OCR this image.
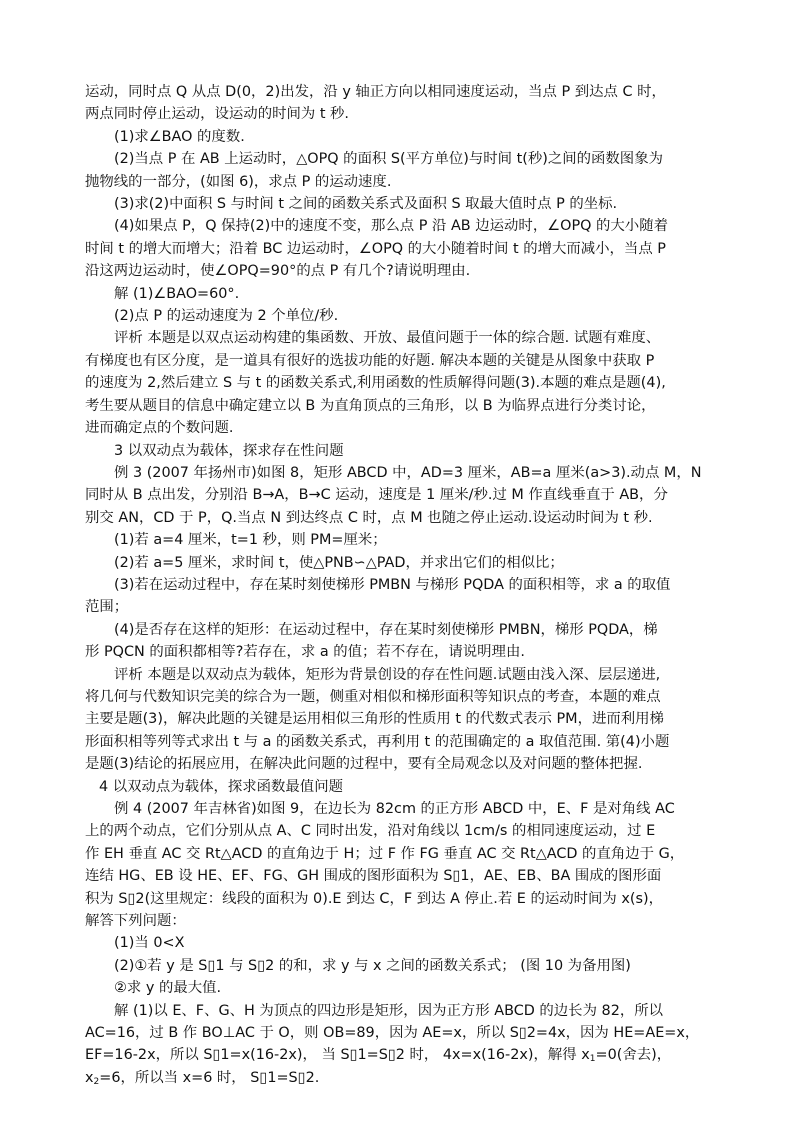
运动，同时点 Q 从点 D(0，2)出发，沿 y 轴正方向以相同速度运动，当点 P 到达点 C 时，

两点同时停止运动，设运动的时间为 t 秒.

(1)求∠BAO 的度数.

(2)当点 P 在 AB 上运动时，△OPQ 的面积 S(平方单位)与时间 t(秒)之间的函数图象为

抛物线的一部分，(如图 6)，求点 P 的运动速度.

(3)求(2)中面积 S 与时间 t 之间的函数关系式及面积 S 取最大值时点 P 的坐标.

(4)如果点 P，Q 保持(2)中的速度不变，那么点 P 沿 AB 边运动时，∠OPQ 的大小随着

时间 t 的增大而增大；沿着 BC 边运动时，∠OPQ 的大小随着时间 t 的增大而减小，当点 P

沿这两边运动时，使∠OPQ=90°的点 P 有几个?请说明理由.

解 (1)∠BAO=60°.

(2)点 P 的运动速度为 2 个单位/秒.

评析 本题是以双点运动构建的集函数、开放、最值问题于一体的综合题. 试题有难度、

有梯度也有区分度，是一道具有很好的选拔功能的好题. 解决本题的关键是从图象中获取 P

的速度为 2,然后建立 S 与 t 的函数关系式,利用函数的性质解得问题(3).本题的难点是题(4),

考生要从题目的信息中确定建立以 B 为直角顶点的三角形，以 B 为临界点进行分类讨论，

进而确定点的个数问题.

3 以双动点为载体，探求存在性问题

例 3 (2007 年扬州市)如图 8，矩形 ABCD 中，AD=3 厘米，AB=a 厘米(a>3).动点 M，N

同时从 B 点出发，分别沿 B→A，B→C 运动，速度是 1 厘米/秒.过 M 作直线垂直于 AB，分

别交 AN，CD 于 P，Q.当点 N 到达终点 C 时，点 M 也随之停止运动.设运动时间为 t 秒.

(1)若 a=4 厘米，t=1 秒，则 PM=厘米；

(2)若 a=5 厘米，求时间 t，使△PNB∽△PAD，并求出它们的相似比；

(3)若在运动过程中，存在某时刻使梯形 PMBN 与梯形 PQDA 的面积相等，求 a 的取值

范围；

(4)是否存在这样的矩形：在运动过程中，存在某时刻使梯形 PMBN，梯形 PQDA，梯

形 PQCN 的面积都相等?若存在，求 a 的值；若不存在，请说明理由.

评析 本题是以双动点为载体，矩形为背景创设的存在性问题.试题由浅入深、层层递进,

将几何与代数知识完美的综合为一题，侧重对相似和梯形面积等知识点的考查，本题的难点

主要是题(3)，解决此题的关键是运用相似三角形的性质用 t 的代数式表示 PM，进而利用梯

形面积相等列等式求出 t 与 a 的函数关系式，再利用 t 的范围确定的 a 取值范围. 第(4)小题

是题(3)结论的拓展应用，在解决此问题的过程中，要有全局观念以及对问题的整体把握.

4 以双动点为载体，探求函数最值问题

例 4 (2007 年吉林省)如图 9，在边长为 82cm 的正方形 ABCD 中，E、F 是对角线 AC

上的两个动点，它们分别从点 A、C 同时出发，沿对角线以 1cm/s 的相同速度运动，过 E

作 EH 垂直 AC 交 Rt△ACD 的直角边于 H；过 F 作 FG 垂直 AC 交 Rt△ACD 的直角边于 G，

连结 HG、EB 设 HE、EF、FG、GH 围成的图形面积为 S▯1，AE、EB、BA 围成的图形面

积为 S▯2(这里规定：线段的面积为 0).E 到达 C，F 到达 A 停止.若 E 的运动时间为 x(s)，

解答下列问题：

(1)当 0<X

(2)①若 y 是 S▯1 与 S▯2 的和，求 y 与 x 之间的函数关系式； (图 10 为备用图)

②求 y 的最大值.

解 (1)以 E、F、G、H 为顶点的四边形是矩形，因为正方形 ABCD 的边长为 82，所以

AC=16，过 B 作 BO⊥AC 于 O，则 OB=89，因为 AE=x，所以 S▯2=4x，因为 HE=AE=x，

EF=16-2x，所以 S▯1=x(16-2x)， 当 S▯1=S▯2 时， 4x=x(16-2x)，解得 $x_1=0$(舍去)，

$x_2=6$，所以当 x=6 时， S▯1=S▯2.
